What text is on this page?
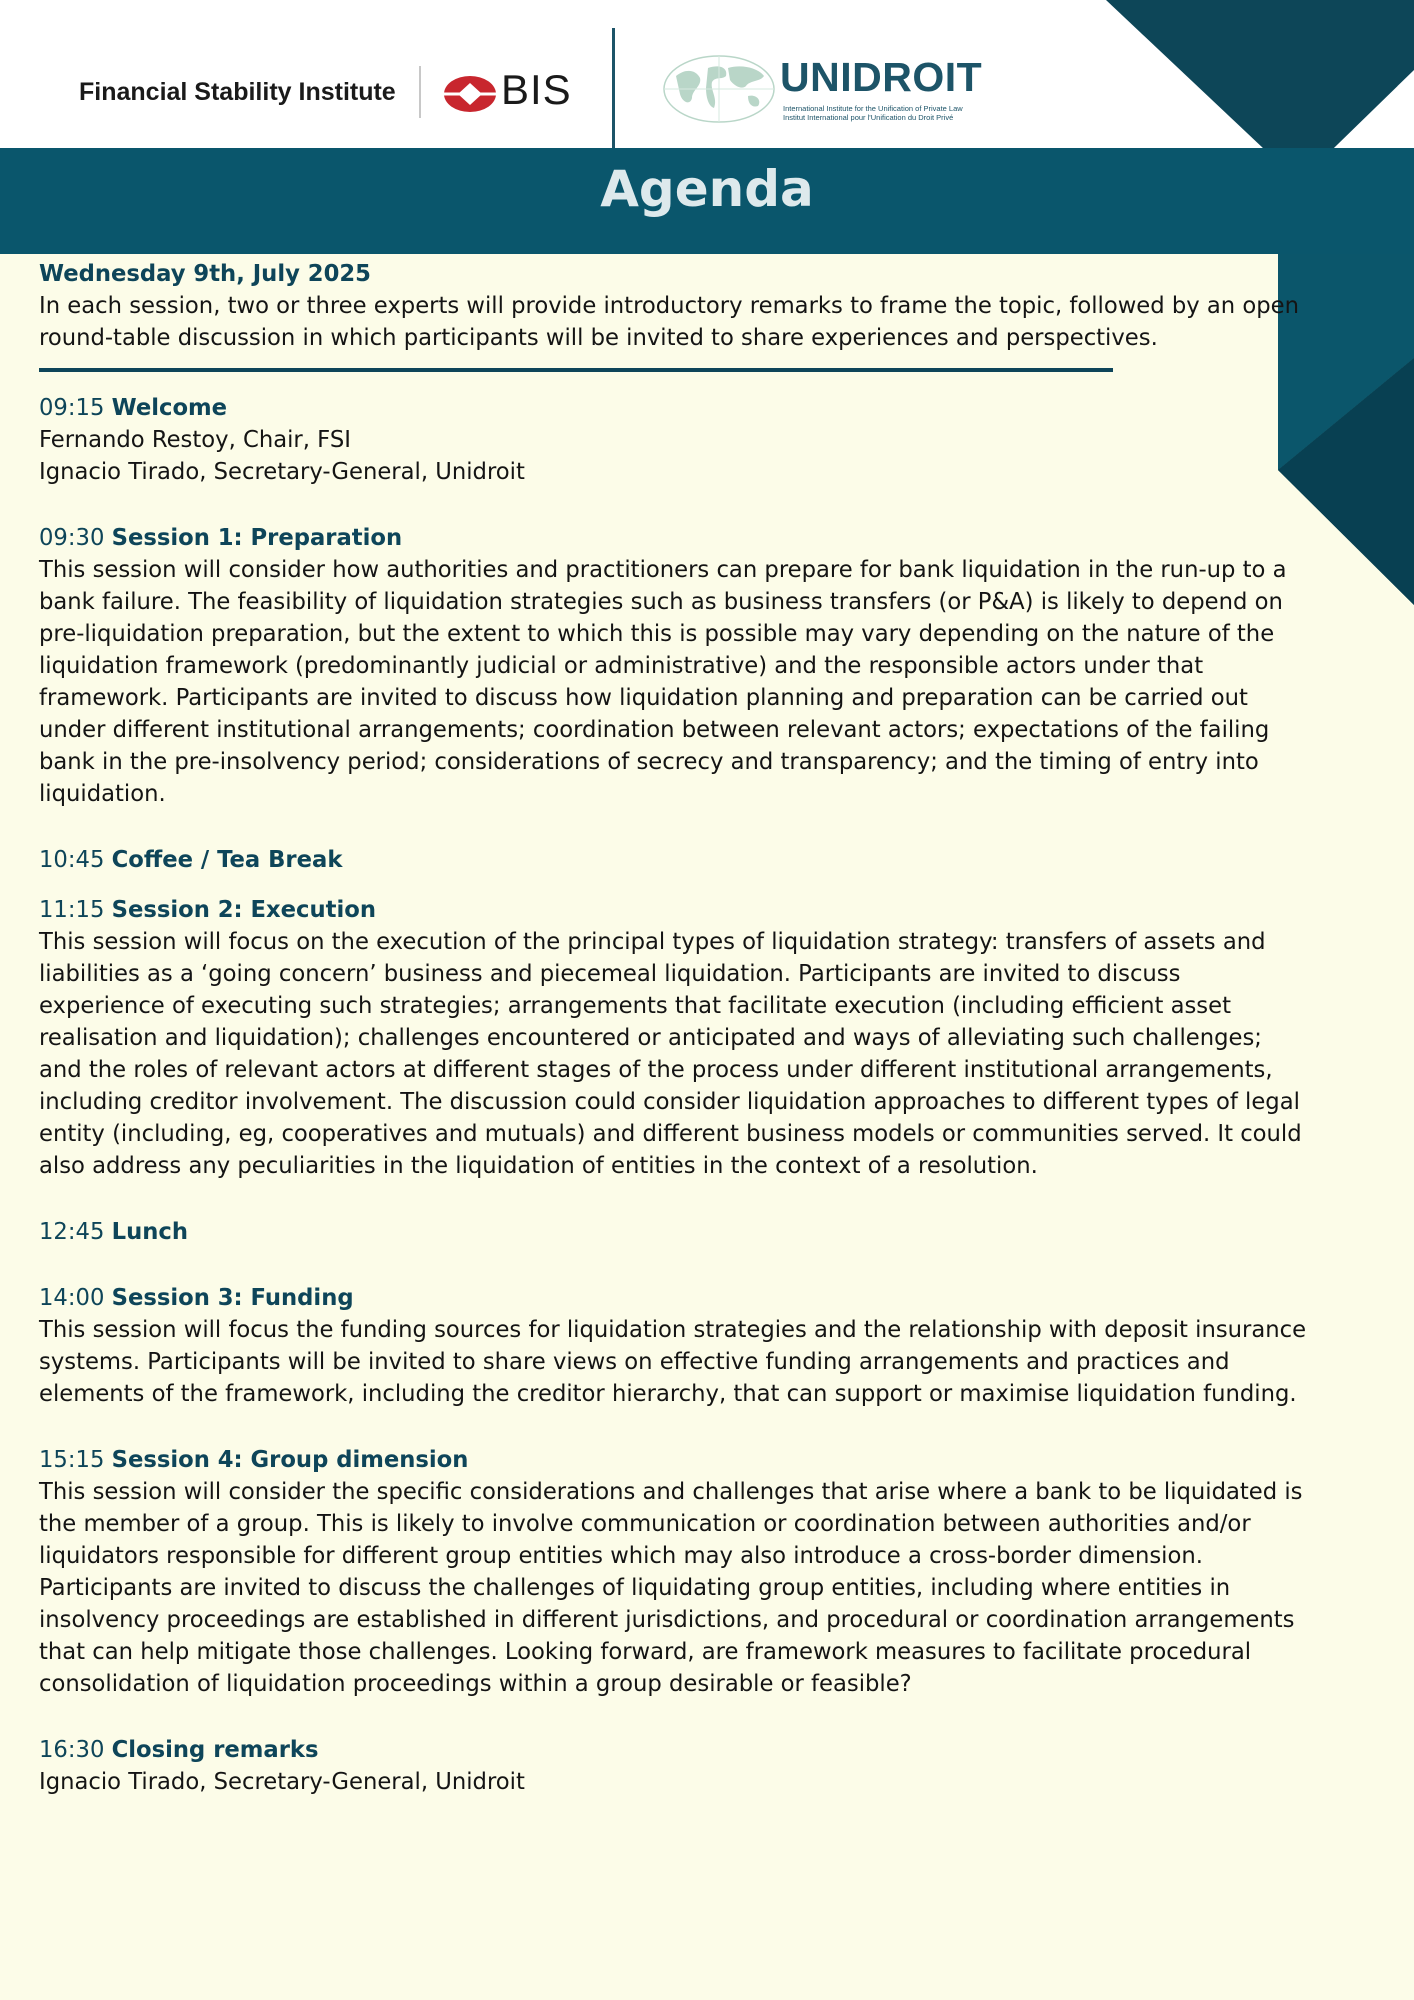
Financial Stability Institute	BIS	UNIDROIT
International Institute for the Unification of Private Law
Institut International pour l'Unification du Droit Privé
Agenda

Wednesday 9th, July 2025

In each session, two or three experts will provide introductory remarks to frame the topic, followed by an open round-table discussion in which participants will be invited to share experiences and perspectives.

09:15 Welcome

Fernando Restoy, Chair, FSI

Ignacio Tirado, Secretary-General, Unidroit

09:30 Session 1: Preparation

This session will consider how authorities and practitioners can prepare for bank liquidation in the run-up to a bank failure. The feasibility of liquidation strategies such as business transfers (or P&A) is likely to depend on pre-liquidation preparation, but the extent to which this is possible may vary depending on the nature of the liquidation framework (predominantly judicial or administrative) and the responsible actors under that framework. Participants are invited to discuss how liquidation planning and preparation can be carried out under different institutional arrangements; coordination between relevant actors; expectations of the failing bank in the pre-insolvency period; considerations of secrecy and transparency; and the timing of entry into liquidation.

10:45 Coffee / Tea Break

11:15 Session 2: Execution

This session will focus on the execution of the principal types of liquidation strategy: transfers of assets and liabilities as a ‘going concern’ business and piecemeal liquidation. Participants are invited to discuss experience of executing such strategies; arrangements that facilitate execution (including efficient asset realisation and liquidation); challenges encountered or anticipated and ways of alleviating such challenges; and the roles of relevant actors at different stages of the process under different institutional arrangements, including creditor involvement. The discussion could consider liquidation approaches to different types of legal entity (including, eg, cooperatives and mutuals) and different business models or communities served. It could also address any peculiarities in the liquidation of entities in the context of a resolution.

12:45 Lunch

14:00 Session 3: Funding

This session will focus the funding sources for liquidation strategies and the relationship with deposit insurance systems. Participants will be invited to share views on effective funding arrangements and practices and elements of the framework, including the creditor hierarchy, that can support or maximise liquidation funding.

15:15 Session 4: Group dimension

This session will consider the specific considerations and challenges that arise where a bank to be liquidated is the member of a group. This is likely to involve communication or coordination between authorities and/or liquidators responsible for different group entities which may also introduce a cross-border dimension. Participants are invited to discuss the challenges of liquidating group entities, including where entities in insolvency proceedings are established in different jurisdictions, and procedural or coordination arrangements that can help mitigate those challenges. Looking forward, are framework measures to facilitate procedural consolidation of liquidation proceedings within a group desirable or feasible?

16:30 Closing remarks

Ignacio Tirado, Secretary-General, Unidroit
